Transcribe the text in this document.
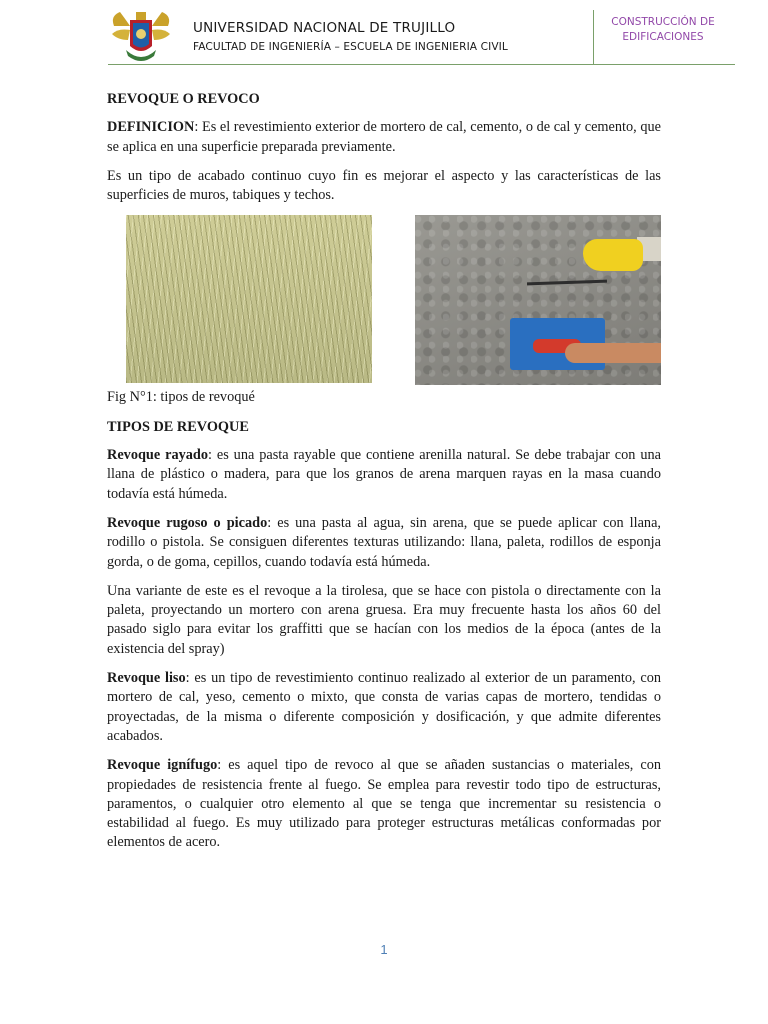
UNIVERSIDAD NACIONAL DE TRUJILLO
FACULTAD DE INGENIERÍA – ESCUELA DE INGENIERIA CIVIL
CONSTRUCCIÓN DE
EDIFICACIONES

REVOQUE O REVOCO

DEFINICION: Es el revestimiento exterior de mortero de cal, cemento, o de cal y cemento, que se aplica en una superficie preparada previamente.

Es un tipo de acabado continuo cuyo fin es mejorar el aspecto y las características de las superficies de muros, tabiques y techos.

Fig N°1: tipos de revoqué

TIPOS DE REVOQUE

Revoque rayado: es una pasta rayable que contiene arenilla natural. Se debe trabajar con una llana de plástico o madera, para que los granos de arena marquen rayas en la masa cuando todavía está húmeda.

Revoque rugoso o picado: es una pasta al agua, sin arena, que se puede aplicar con llana, rodillo o pistola. Se consiguen diferentes texturas utilizando: llana, paleta, rodillos de esponja gorda, o de goma, cepillos, cuando todavía está húmeda.

Una variante de este es el revoque a la tirolesa, que se hace con pistola o directamente con la paleta, proyectando un mortero con arena gruesa. Era muy frecuente hasta los años 60 del pasado siglo para evitar los graffitti que se hacían con los medios de la época (antes de la existencia del spray)

Revoque liso: es un tipo de revestimiento continuo realizado al exterior de un paramento, con mortero de cal, yeso, cemento o mixto, que consta de varias capas de mortero, tendidas o proyectadas, de la misma o diferente composición y dosificación, y que admite diferentes acabados.

Revoque ignífugo: es aquel tipo de revoco al que se añaden sustancias o materiales, con propiedades de resistencia frente al fuego. Se emplea para revestir todo tipo de estructuras, paramentos, o cualquier otro elemento al que se tenga que incrementar su resistencia o estabilidad al fuego. Es muy utilizado para proteger estructuras metálicas conformadas por elementos de acero.

1
